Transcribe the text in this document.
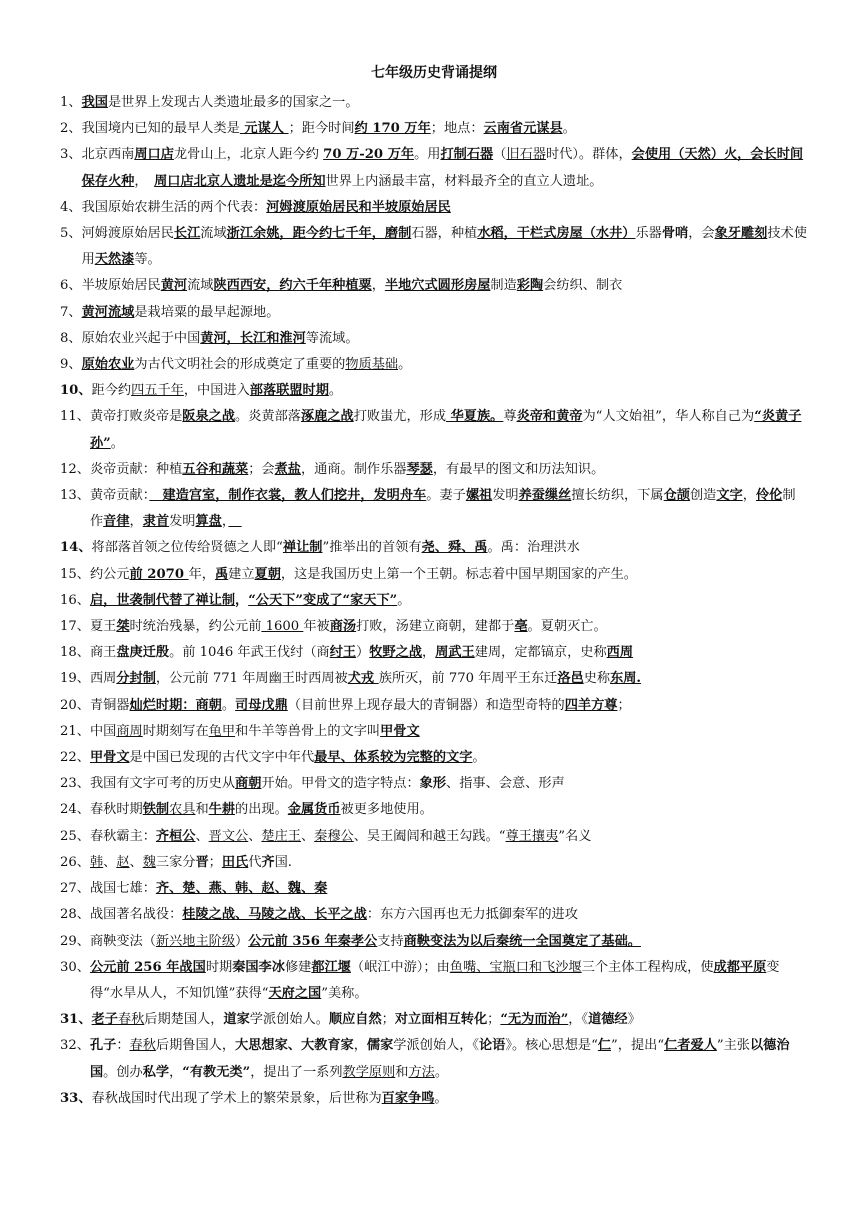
七年级历史背诵提纲
1、 我国是世界上发现古人类遗址最多的国家之一。
2、 我国境内已知的最早人类是 元谋人 ；距今时间约 170 万年；地点：云南省元谋县。
3、 北京西南周口店龙骨山上，北京人距今约 70 万-20 万年。用打制石器（旧石器时代）。群体，会使用（天然）火，会长时间保存火种，　周口店北京人遗址是迄今所知世界上内涵最丰富，材料最齐全的直立人遗址。
4、 我国原始农耕生活的两个代表：河姆渡原始居民和半坡原始居民
5、 河姆渡原始居民长江流域浙江余姚，距今约七千年，磨制石器，种植水稻，干栏式房屋（水井）乐器骨哨，会象牙雕刻技术使用天然漆等。
6、 半坡原始居民黄河流域陕西西安，约六千年种植粟，半地穴式圆形房屋制造彩陶会纺织、制衣
7、 黄河流域是栽培粟的最早起源地。
8、 原始农业兴起于中国黄河，长江和淮河等流域。
9、 原始农业为古代文明社会的形成奠定了重要的物质基础。
10、 距今约四五千年，中国进入部落联盟时期。
11、 黄帝打败炎帝是阪泉之战。炎黄部落涿鹿之战打败蚩尤，形成 华夏族。尊炎帝和黄帝为“人文始祖”，华人称自己为“炎黄子孙”。
12、 炎帝贡献：种植五谷和蔬菜；会煮盐，通商。制作乐器琴瑟，有最早的图文和历法知识。
13、 黄帝贡献：　建造宫室，制作衣裳，教人们挖井，发明舟车。妻子嫘祖发明养蚕缫丝擅长纺织，下属仓颉创造文字，伶伦制作音律，隶首发明算盘，　
14、 将部落首领之位传给贤德之人即“禅让制”推举出的首领有尧、舜、禹。禹：治理洪水
15、 约公元前 2070 年，禹建立夏朝，这是我国历史上第一个王朝。标志着中国早期国家的产生。
16、 启，世袭制代替了禅让制，“公天下”变成了“家天下”。
17、 夏王桀时统治残暴，约公元前 1600 年被商汤打败，汤建立商朝，建都于亳。夏朝灭亡。
18、 商王盘庚迁殷。前 1046 年武王伐纣（商纣王）牧野之战，周武王建周，定都镐京，史称西周
19、 西周分封制，公元前 771 年周幽王时西周被犬戎 族所灭，前 770 年周平王东迁洛邑史称东周.
20、 青铜器灿烂时期：商朝。司母戊鼎（目前世界上现存最大的青铜器）和造型奇特的四羊方尊；
21、 中国商周时期刻写在龟甲和牛羊等兽骨上的文字叫甲骨文
22、 甲骨文是中国已发现的古代文字中年代最早、体系较为完整的文字。
23、 我国有文字可考的历史从商朝开始。甲骨文的造字特点：象形、指事、会意、形声
24、 春秋时期铁制农具和牛耕的出现。金属货币被更多地使用。
25、 春秋霸主：齐桓公、晋文公、楚庄王、秦穆公、吴王阖闾和越王勾践。“尊王攘夷”名义
26、 韩、赵、魏三家分晋；田氏代齐国.
27、 战国七雄：齐、楚、燕、韩、赵、魏、秦
28、 战国著名战役：桂陵之战、马陵之战、长平之战：东方六国再也无力抵御秦军的进攻
29、 商鞅变法（新兴地主阶级）公元前 356 年秦孝公支持商鞅变法为以后秦统一全国奠定了基础。
30、 公元前 256 年战国时期秦国李冰修建都江堰（岷江中游）；由鱼嘴、宝瓶口和飞沙堰三个主体工程构成，使成都平原变得“水旱从人，不知饥馑”获得“天府之国”美称。
31、 老子春秋后期楚国人，道家学派创始人。顺应自然；对立面相互转化；“无为而治”，《道德经》
32、 孔子：春秋后期鲁国人，大思想家、大教育家，儒家学派创始人，《论语》。核心思想是“仁”，提出“仁者爱人”主张以德治国。创办私学，“有教无类”，提出了一系列教学原则和方法。
33、 春秋战国时代出现了学术上的繁荣景象，后世称为百家争鸣。
